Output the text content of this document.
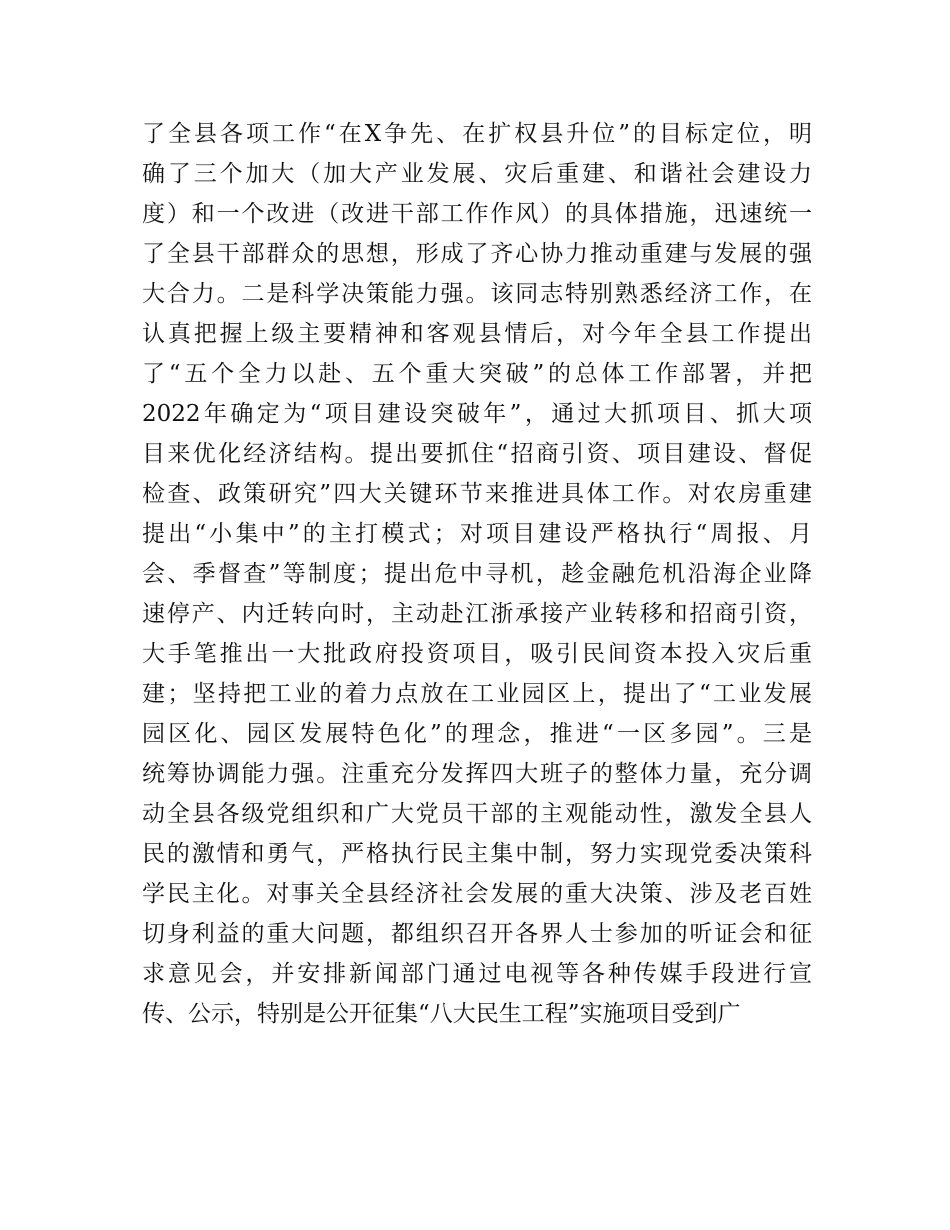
了全县各项工作“在X争先、在扩权县升位”的目标定位，明
确了三个加大（加大产业发展、灾后重建、和谐社会建设力
度）和一个改进（改进干部工作作风）的具体措施，迅速统一
了全县干部群众的思想，形成了齐心协力推动重建与发展的强
大合力。二是科学决策能力强。该同志特别熟悉经济工作，在
认真把握上级主要精神和客观县情后，对今年全县工作提出
了“五个全力以赴、五个重大突破”的总体工作部署，并把
2022年确定为“项目建设突破年”，通过大抓项目、抓大项
目来优化经济结构。提出要抓住“招商引资、项目建设、督促
检查、政策研究”四大关键环节来推进具体工作。对农房重建
提出“小集中”的主打模式；对项目建设严格执行“周报、月
会、季督查”等制度；提出危中寻机，趁金融危机沿海企业降
速停产、内迁转向时，主动赴江浙承接产业转移和招商引资，
大手笔推出一大批政府投资项目，吸引民间资本投入灾后重
建；坚持把工业的着力点放在工业园区上，提出了“工业发展
园区化、园区发展特色化”的理念，推进“一区多园”。三是
统筹协调能力强。注重充分发挥四大班子的整体力量，充分调
动全县各级党组织和广大党员干部的主观能动性，激发全县人
民的激情和勇气，严格执行民主集中制，努力实现党委决策科
学民主化。对事关全县经济社会发展的重大决策、涉及老百姓
切身利益的重大问题，都组织召开各界人士参加的听证会和征
求意见会，并安排新闻部门通过电视等各种传媒手段进行宣
传、公示，特别是公开征集“八大民生工程”实施项目受到广
